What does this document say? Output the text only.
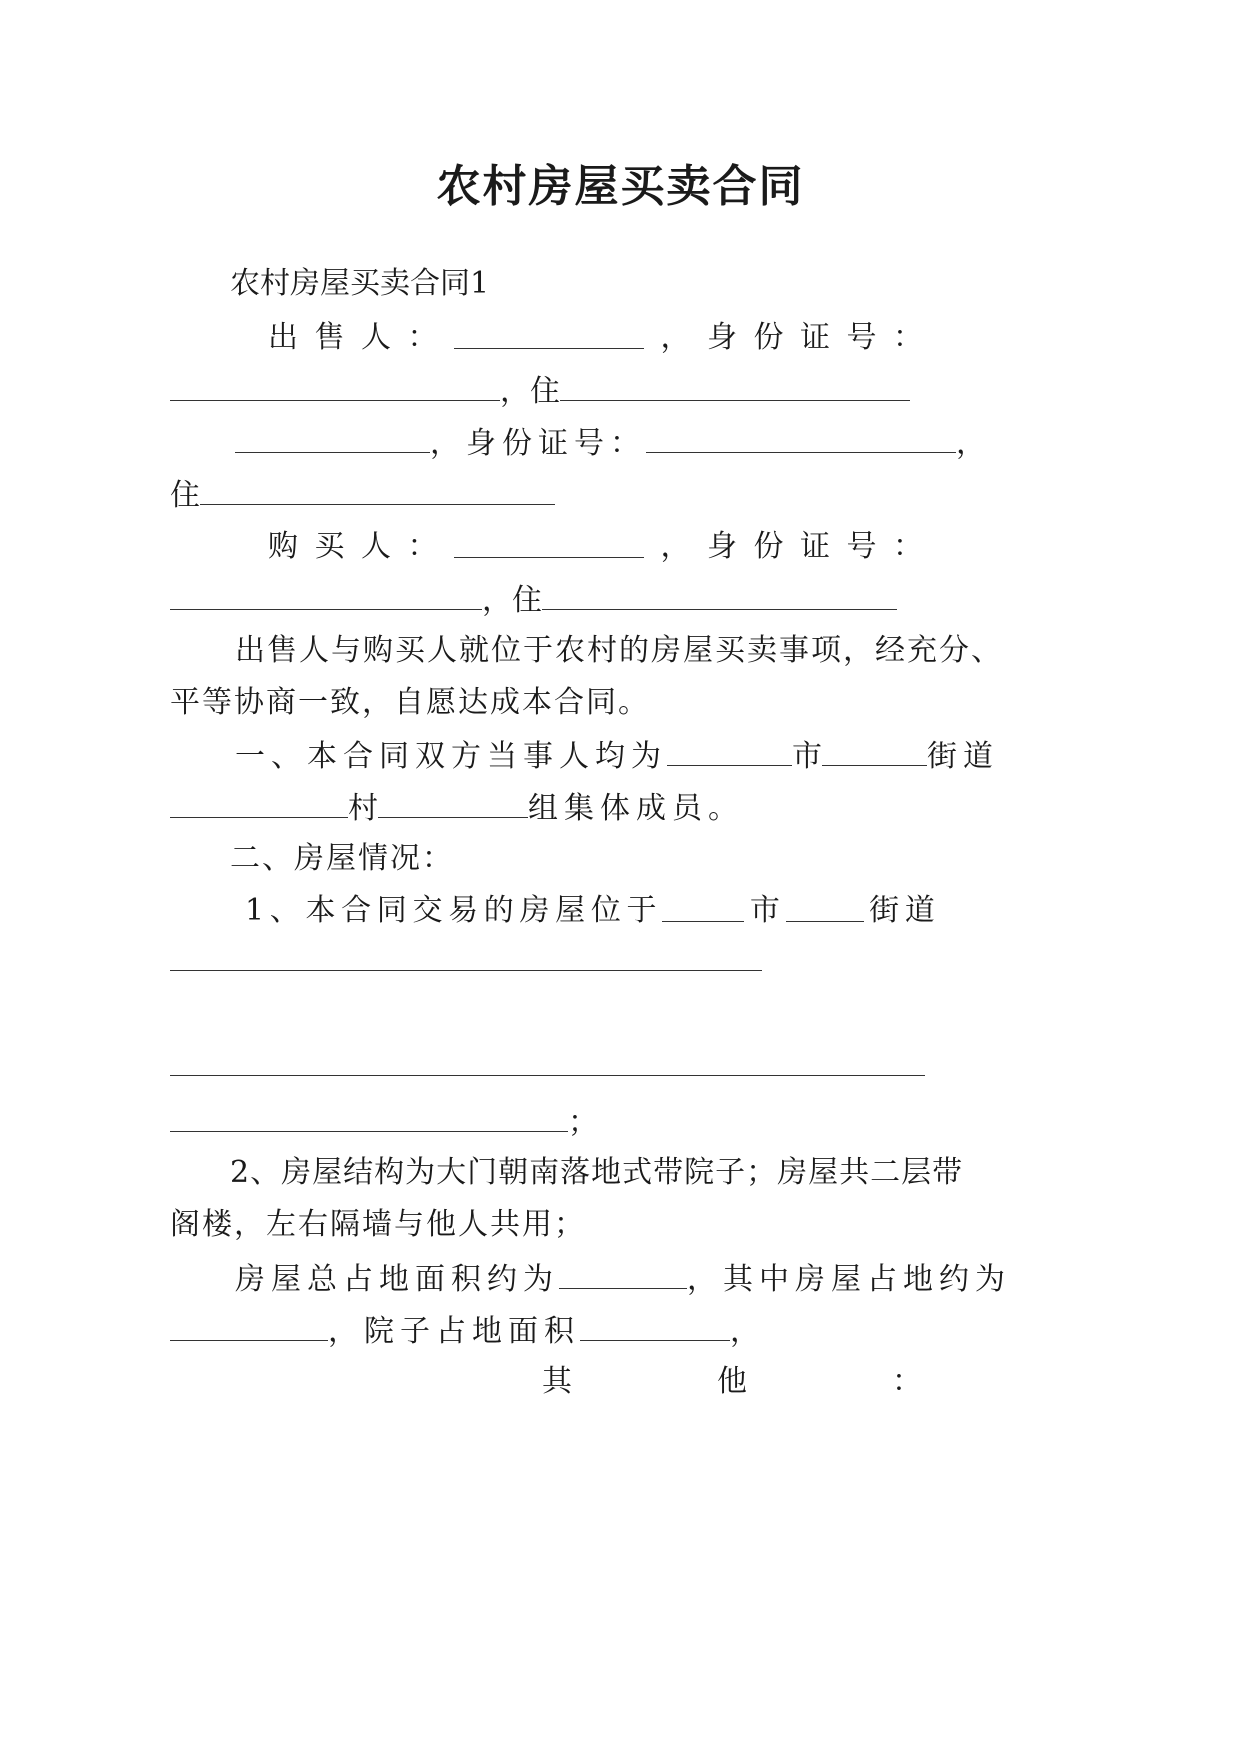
农村房屋买卖合同
农村房屋买卖合同1
出 售 人 ：	， 身 份 证 号 ：
，住
，身份证号：	，
住
购 买 人 ：	， 身 份 证 号 ：
，住
出售人与购买人就位于农村的房屋买卖事项，经充分、
平等协商一致，自愿达成本合同。
一、本合同双方当事人均为	市	街道
村	组集体成员。
二、房屋情况：
1 、 本 合 同 交 易 的 房 屋 位 于	市	街 道
；
2、房屋结构为大门朝南落地式带院子；房屋共二层带
阁楼，左右隔墙与他人共用；
房屋总占地面积约为	，其中房屋占地约为
，院子占地面积	，
其	他	：
